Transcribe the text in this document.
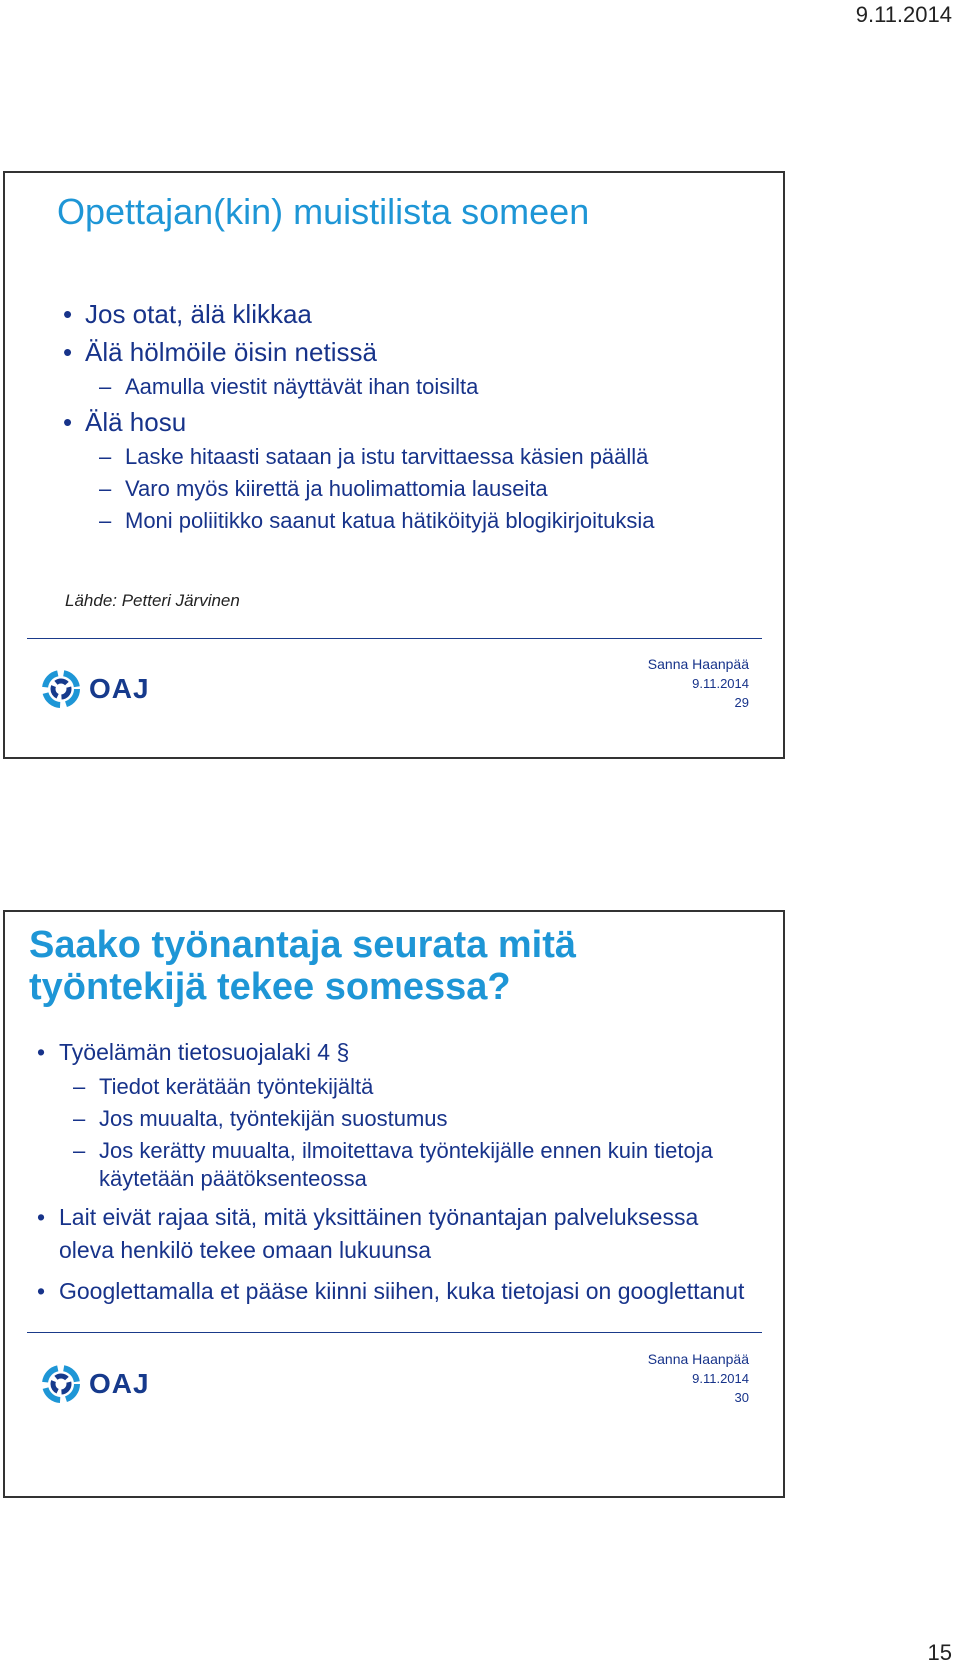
9.11.2014
Opettajan(kin) muistilista someen
• Jos otat, älä klikkaa
• Älä hölmöile öisin netissä
– Aamulla viestit näyttävät ihan toisilta
• Älä hosu
– Laske hitaasti sataan ja istu tarvittaessa käsien päällä
– Varo myös kiirettä ja huolimattomia lauseita
– Moni poliitikko saanut katua hätiköityjä blogikirjoituksia
Lähde: Petteri Järvinen
OAJ
Sanna Haanpää
9.11.2014
29
Saako työnantaja seurata mitä
työntekijä tekee somessa?
• Työelämän tietosuojalaki 4 §
– Tiedot kerätään työntekijältä
– Jos muualta, työntekijän suostumus
– Jos kerätty muualta, ilmoitettava työntekijälle ennen kuin tietoja käytetään päätöksenteossa
• Lait eivät rajaa sitä, mitä yksittäinen työnantajan palveluksessa oleva henkilö tekee omaan lukuunsa
• Googlettamalla et pääse kiinni siihen, kuka tietojasi on googlettanut
OAJ
Sanna Haanpää
9.11.2014
30
15
